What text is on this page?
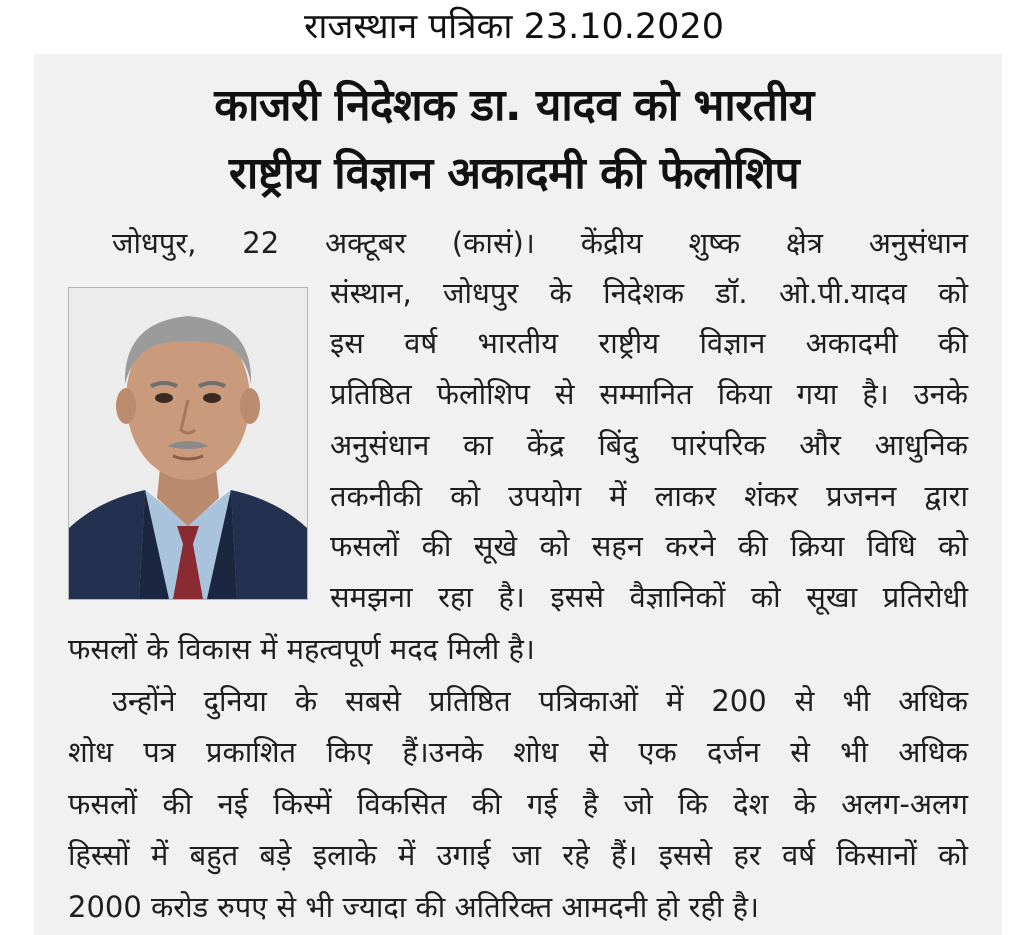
राजस्थान पत्रिका 23.10.2020
काजरी निदेशक डा. यादव को भारतीय
राष्ट्रीय विज्ञान अकादमी की फेलोशिप
जोधपुर, 22 अक्टूबर (कासं)। केंद्रीय शुष्क क्षेत्र अनुसंधान
संस्थान, जोधपुर के निदेशक डॉ. ओ.पी.यादव को
इस वर्ष भारतीय राष्ट्रीय विज्ञान अकादमी की
प्रतिष्ठित फेलोशिप से सम्मानित किया गया है। उनके
अनुसंधान का केंद्र बिंदु पारंपरिक और आधुनिक
तकनीकी को उपयोग में लाकर शंकर प्रजनन द्वारा
फसलों की सूखे को सहन करने की क्रिया विधि को
समझना रहा है। इससे वैज्ञानिकों को सूखा प्रतिरोधी
फसलों के विकास में महत्वपूर्ण मदद मिली है।
उन्होंने दुनिया के सबसे प्रतिष्ठित पत्रिकाओं में 200 से भी अधिक
शोध पत्र प्रकाशित किए हैं।उनके शोध से एक दर्जन से भी अधिक
फसलों की नई किस्में विकसित की गई है जो कि देश के अलग-अलग
हिस्सों में बहुत बड़े इलाके में उगाई जा रहे हैं। इससे हर वर्ष किसानों को
2000 करोड रुपए से भी ज्यादा की अतिरिक्त आमदनी हो रही है।
